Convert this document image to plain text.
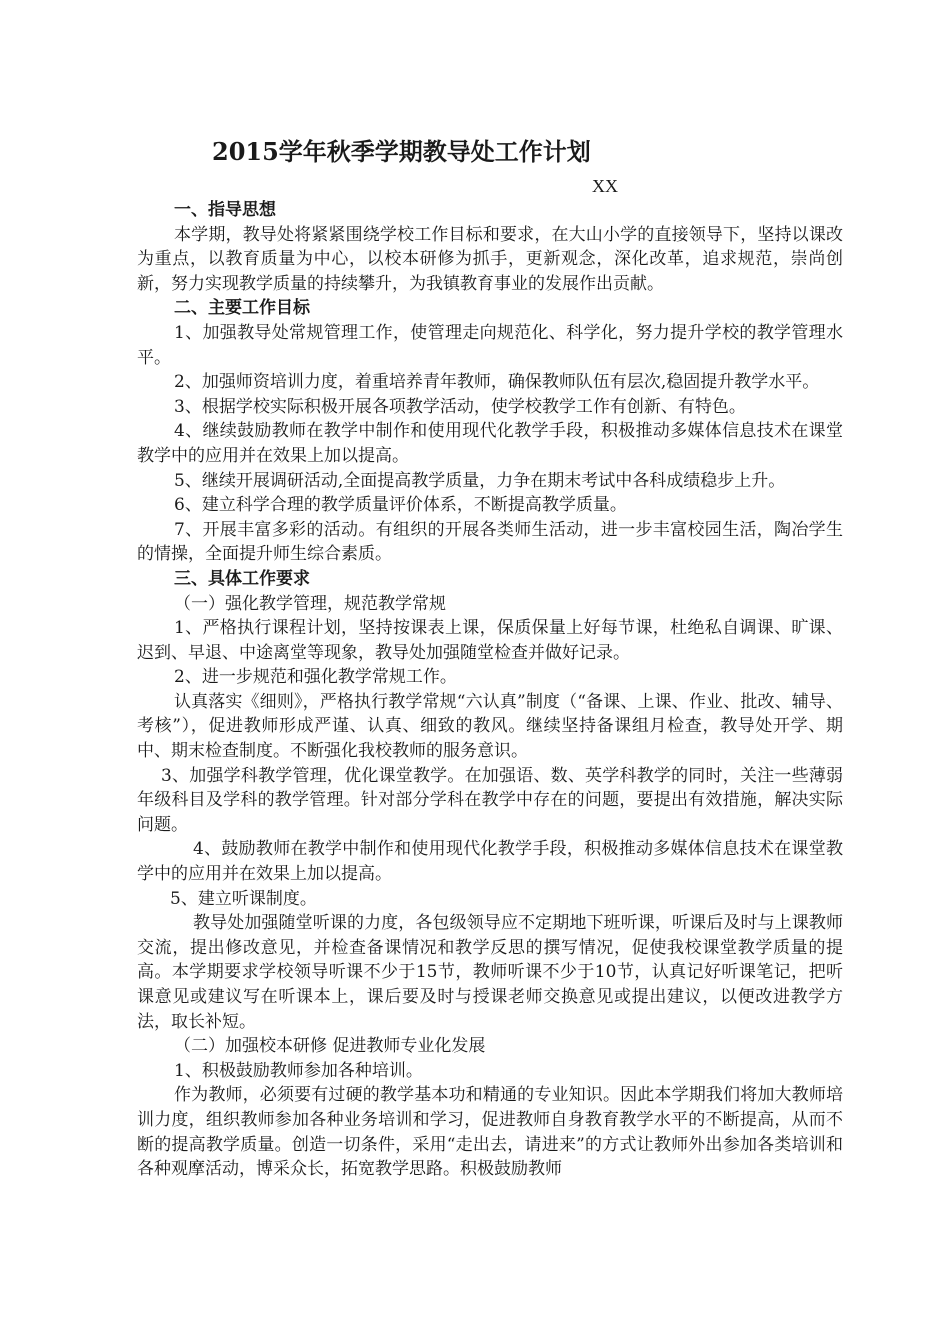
2015学年秋季学期教导处工作计划
XX

一、指导思想

本学期，教导处将紧紧围绕学校工作目标和要求，在大山小学的直接领导下，坚持以课改为重点，以教育质量为中心，以校本研修为抓手，更新观念，深化改革，追求规范，崇尚创新，努力实现教学质量的持续攀升，为我镇教育事业的发展作出贡献。

二、主要工作目标

1、加强教导处常规管理工作，使管理走向规范化、科学化，努力提升学校的教学管理水平。

2、加强师资培训力度，着重培养青年教师，确保教师队伍有层次,稳固提升教学水平。

3、根据学校实际积极开展各项教学活动，使学校教学工作有创新、有特色。

4、继续鼓励教师在教学中制作和使用现代化教学手段，积极推动多媒体信息技术在课堂教学中的应用并在效果上加以提高。

5、继续开展调研活动,全面提高教学质量，力争在期末考试中各科成绩稳步上升。

6、建立科学合理的教学质量评价体系，不断提高教学质量。

7、开展丰富多彩的活动。有组织的开展各类师生活动，进一步丰富校园生活，陶冶学生的情操，全面提升师生综合素质。

三、具体工作要求

（一）强化教学管理，规范教学常规

1、严格执行课程计划，坚持按课表上课，保质保量上好每节课，杜绝私自调课、旷课、迟到、早退、中途离堂等现象，教导处加强随堂检查并做好记录。

2、进一步规范和强化教学常规工作。

认真落实《细则》，严格执行教学常规“六认真”制度（“备课、上课、作业、批改、辅导、考核”），促进教师形成严谨、认真、细致的教风。继续坚持备课组月检查，教导处开学、期中、期末检查制度。不断强化我校教师的服务意识。

3、加强学科教学管理，优化课堂教学。在加强语、数、英学科教学的同时，关注一些薄弱年级科目及学科的教学管理。针对部分学科在教学中存在的问题，要提出有效措施，解决实际问题。

4、鼓励教师在教学中制作和使用现代化教学手段，积极推动多媒体信息技术在课堂教学中的应用并在效果上加以提高。

5、建立听课制度。

教导处加强随堂听课的力度，各包级领导应不定期地下班听课，听课后及时与上课教师交流，提出修改意见，并检查备课情况和教学反思的撰写情况，促使我校课堂教学质量的提高。本学期要求学校领导听课不少于15节，教师听课不少于10节，认真记好听课笔记，把听课意见或建议写在听课本上，课后要及时与授课老师交换意见或提出建议，以便改进教学方法，取长补短。

（二）加强校本研修 促进教师专业化发展

1、积极鼓励教师参加各种培训。

作为教师，必须要有过硬的教学基本功和精通的专业知识。因此本学期我们将加大教师培训力度，组织教师参加各种业务培训和学习，促进教师自身教育教学水平的不断提高，从而不断的提高教学质量。创造一切条件，采用“走出去，请进来”的方式让教师外出参加各类培训和各种观摩活动，博采众长，拓宽教学思路。积极鼓励教师
